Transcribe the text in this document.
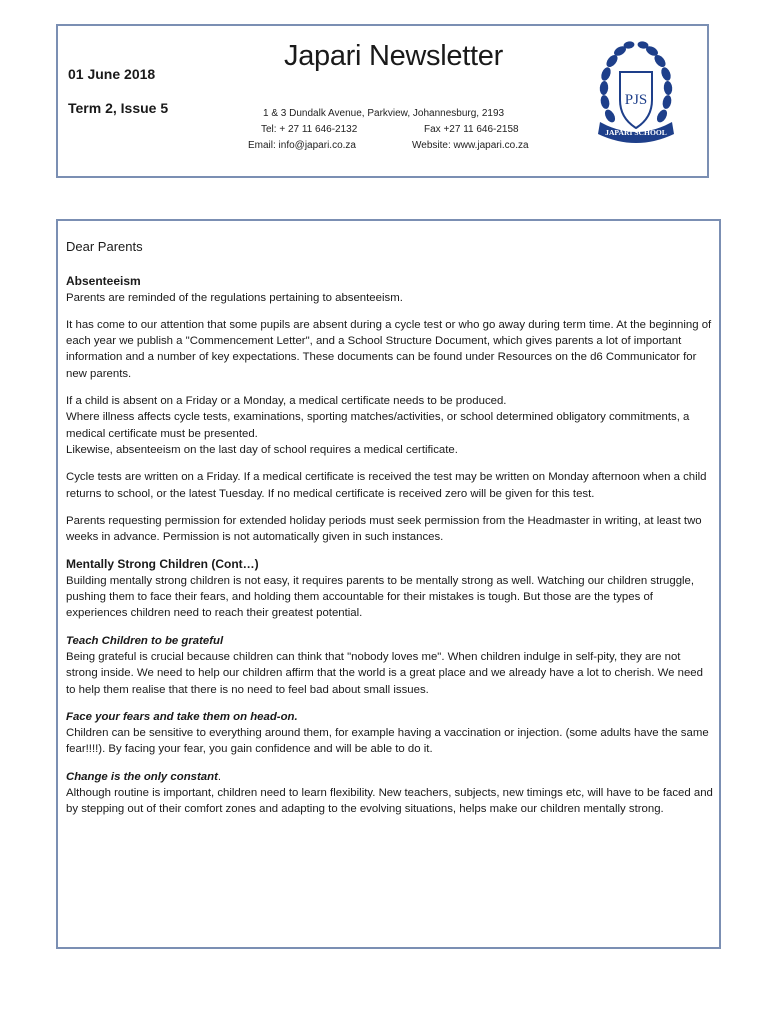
01 June 2018
Term 2, Issue 5
Japari Newsletter
1 & 3 Dundalk Avenue, Parkview, Johannesburg, 2193
Tel: + 27 11 646-2132	Fax +27 11 646-2158
Email: info@japari.co.za	Website: www.japari.co.za
PJS
JAPARI SCHOOL

Dear Parents

Absenteeism

Parents are reminded of the regulations pertaining to absenteeism.

It has come to our attention that some pupils are absent during a cycle test or who go away during term time. At the beginning of each year we publish a "Commencement Letter", and a School Structure Document, which gives parents a lot of important information and a number of key expectations. These documents can be found under Resources on the d6 Communicator for new parents.

If a child is absent on a Friday or a Monday, a medical certificate needs to be produced.

Where illness affects cycle tests, examinations, sporting matches/activities, or school determined obligatory commitments, a medical certificate must be presented.

Likewise, absenteeism on the last day of school requires a medical certificate.

Cycle tests are written on a Friday. If a medical certificate is received the test may be written on Monday afternoon when a child returns to school, or the latest Tuesday. If no medical certificate is received zero will be given for this test.

Parents requesting permission for extended holiday periods must seek permission from the Headmaster in writing, at least two weeks in advance. Permission is not automatically given in such instances.

Mentally Strong Children (Cont…)

Building mentally strong children is not easy, it requires parents to be mentally strong as well. Watching our children struggle, pushing them to face their fears, and holding them accountable for their mistakes is tough. But those are the types of experiences children need to reach their greatest potential.

Teach Children to be grateful

Being grateful is crucial because children can think that "nobody loves me". When children indulge in self-pity, they are not strong inside. We need to help our children affirm that the world is a great place and we already have a lot to cherish. We need to help them realise that there is no need to feel bad about small issues.

Face your fears and take them on head-on.

Children can be sensitive to everything around them, for example having a vaccination or injection. (some adults have the same fear!!!!). By facing your fear, you gain confidence and will be able to do it.

Change is the only constant.

Although routine is important, children need to learn flexibility. New teachers, subjects, new timings etc, will have to be faced and by stepping out of their comfort zones and adapting to the evolving situations, helps make our children mentally strong.
